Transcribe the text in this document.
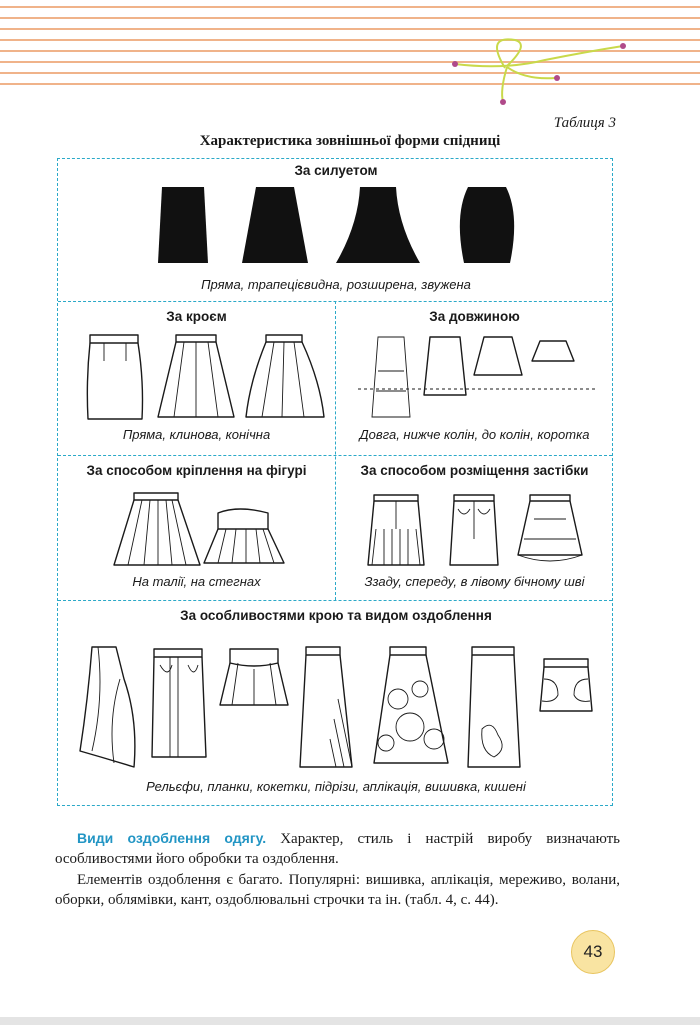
Таблиця 3
Характеристика зовнішньої форми спідниці
За силуетом
Пряма, трапецієвидна, розширена, звужена
За кроєм
Пряма, клинова, конічна
За довжиною
Довга, нижче колін, до колін, коротка
За способом кріплення на фігурі
На талії, на стегнах
За способом розміщення застібки
Ззаду, спереду, в лівому бічному шві
За особливостями крою та видом оздоблення
Рельєфи, планки, кокетки, підрізи, аплікація, вишивка, кишені
Види оздоблення одягу. Характер, стиль і настрій виробу визначають особливостями його обробки та оздоблення.
Елементів оздоблення є багато. Популярні: вишивка, аплікація, мереживо, волани, оборки, облямівки, кант, оздоблювальні строчки та ін. (табл. 4, с. 44).
43
